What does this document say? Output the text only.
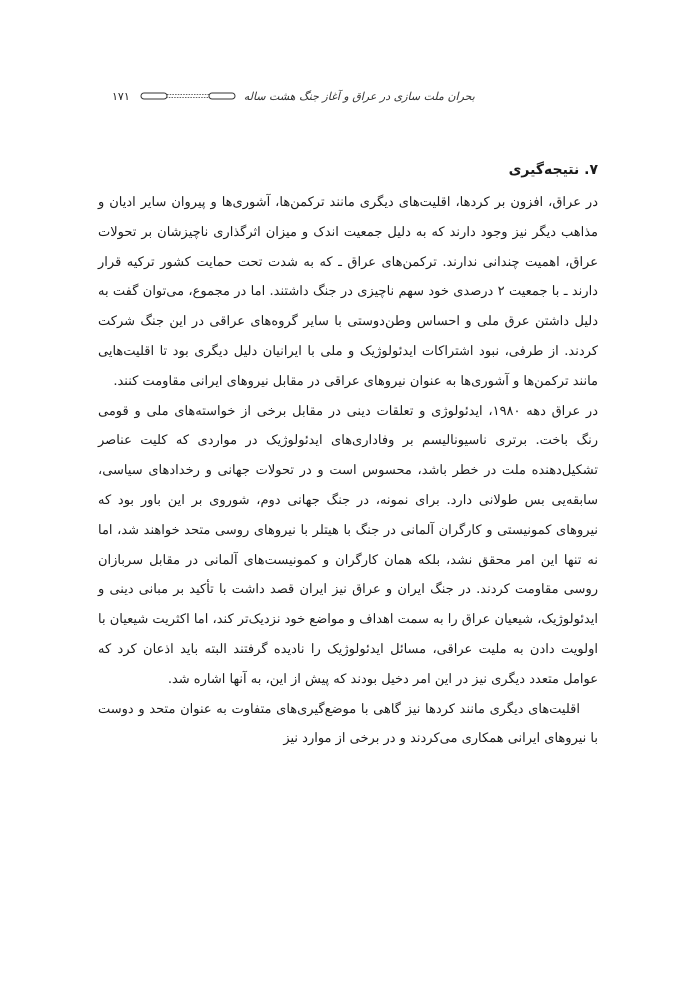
۱۷۱	بحران ملت سازی در عراق و آغاز جنگ هشت ساله
۷. نتیجه‌گیری

در عراق، افزون بر کردها، اقلیت‌های دیگری مانند ترکمن‌ها، آشوری‌ها و پیروان سایر ادیان و مذاهب دیگر نیز وجود دارند که به دلیل جمعیت اندک و میزان اثرگذاری ناچیزشان بر تحولات عراق، اهمیت چندانی ندارند. ترکمن‌های عراق ـ که به شدت تحت حمایت کشور ترکیه قرار دارند ـ با جمعیت ۲ درصدی خود سهم ناچیزی در جنگ داشتند. اما در مجموع، می‌توان گفت به دلیل داشتن عرق ملی و احساس وطن‌دوستی با سایر گروه‌های عراقی در این جنگ شرکت کردند. از طرفی، نبود اشتراکات ایدئولوژیک و ملی با ایرانیان دلیل دیگری بود تا اقلیت‌هایی مانند ترکمن‌ها و آشوری‌ها به عنوان نیروهای عراقی در مقابل نیروهای ایرانی مقاومت کنند.

در عراق دهه ۱۹۸۰، ایدئولوژی و تعلقات دینی در مقابل برخی از خواسته‌های ملی و قومی رنگ باخت. برتری ناسیونالیسم بر وفاداری‌های ایدئولوژیک در مواردی که کلیت عناصر تشکیل‌دهنده ملت در خطر باشد، محسوس است و در تحولات جهانی و رخدادهای سیاسی، سابقه‌یی بس طولانی دارد. برای نمونه، در جنگ جهانی دوم، شوروی بر این باور بود که نیروهای کمونیستی و کارگران آلمانی در جنگ با هیتلر با نیروهای روسی متحد خواهند شد، اما نه تنها این امر محقق نشد، بلکه همان کارگران و کمونیست‌های آلمانی در مقابل سربازان روسی مقاومت کردند. در جنگ ایران و عراق نیز ایران قصد داشت با تأکید بر مبانی دینی و ایدئولوژیک، شیعیان عراق را به سمت اهداف و مواضع خود نزدیک‌تر کند، اما اکثریت شیعیان با اولویت دادن به ملیت عراقی، مسائل ایدئولوژیک را نادیده گرفتند البته باید اذعان کرد که عوامل متعدد دیگری نیز در این امر دخیل بودند که پیش از این، به آنها اشاره شد.

اقلیت‌های دیگری مانند کردها نیز گاهی با موضع‌گیری‌های متفاوت به عنوان متحد و دوست با نیروهای ایرانی همکاری می‌کردند و در برخی از موارد نیز
